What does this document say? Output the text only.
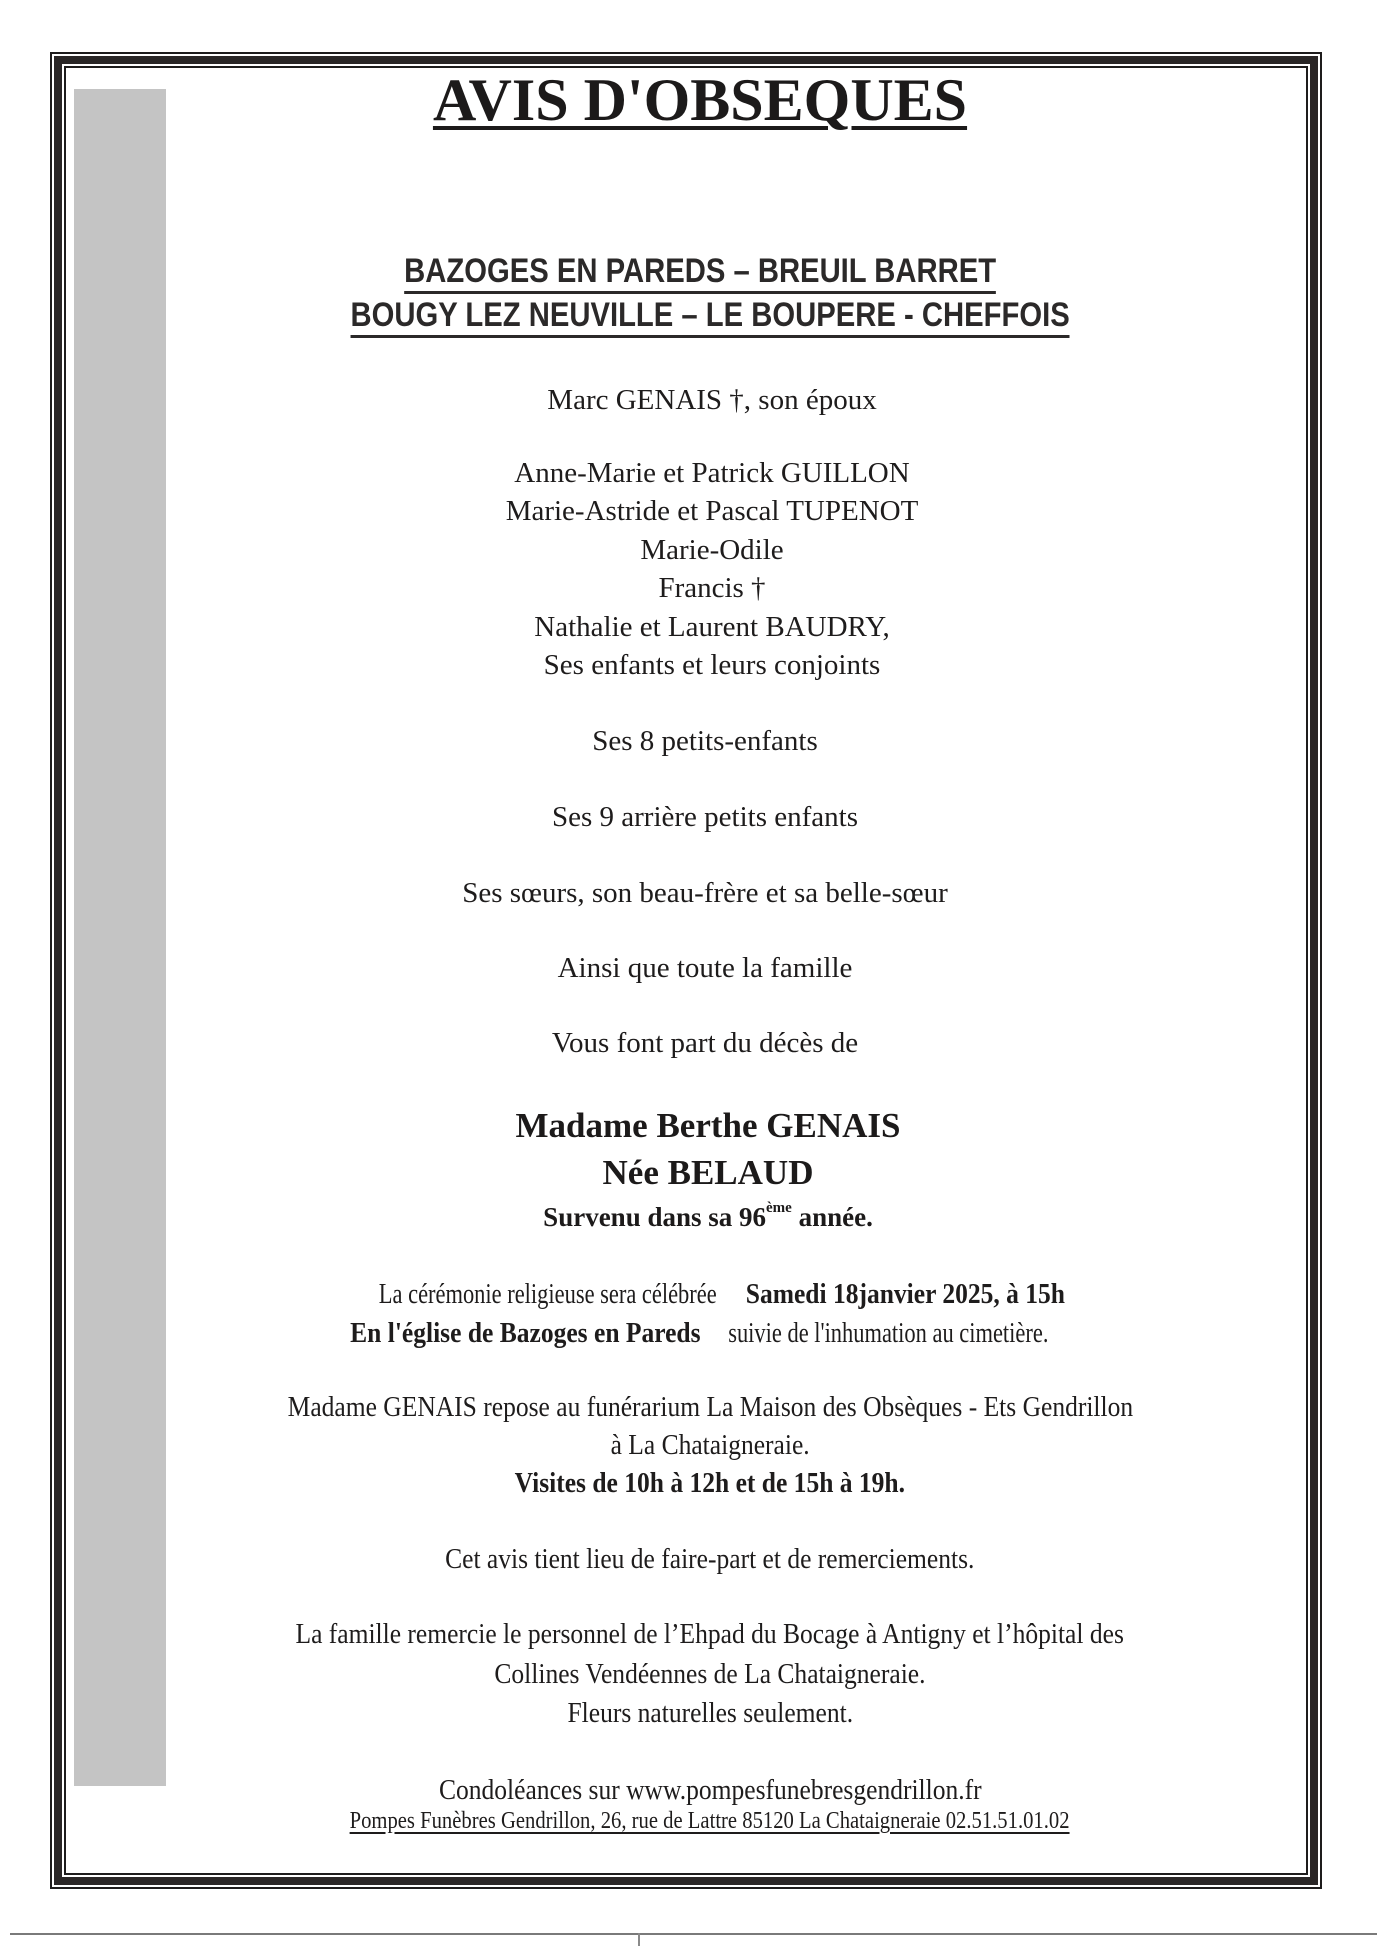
AVIS D'OBSEQUES
BAZOGES EN PAREDS – BREUIL BARRET
BOUGY LEZ NEUVILLE – LE BOUPERE - CHEFFOIS
Marc GENAIS †, son époux
Anne-Marie et Patrick GUILLON
Marie-Astride et Pascal TUPENOT
Marie-Odile
Francis †
Nathalie et Laurent BAUDRY,
Ses enfants et leurs conjoints
Ses 8 petits-enfants
Ses 9 arrière petits enfants
Ses sœurs, son beau-frère et sa belle-sœur
Ainsi que toute la famille
Vous font part du décès de
Madame Berthe GENAIS
Née BELAUD
Survenu dans sa 96ème année.
La cérémonie religieuse sera célébrée Samedi 18janvier 2025, à 15h
En l'église de Bazoges en Pareds suivie de l'inhumation au cimetière.
Madame GENAIS repose au funérarium La Maison des Obsèques - Ets Gendrillon
à La Chataigneraie.
Visites de 10h à 12h et de 15h à 19h.
Cet avis tient lieu de faire-part et de remerciements.
La famille remercie le personnel de l’Ehpad du Bocage à Antigny et l’hôpital des
Collines Vendéennes de La Chataigneraie.
Fleurs naturelles seulement.
Condoléances sur www.pompesfunebresgendrillon.fr
Pompes Funèbres Gendrillon, 26, rue de Lattre 85120 La Chataigneraie 02.51.51.01.02
